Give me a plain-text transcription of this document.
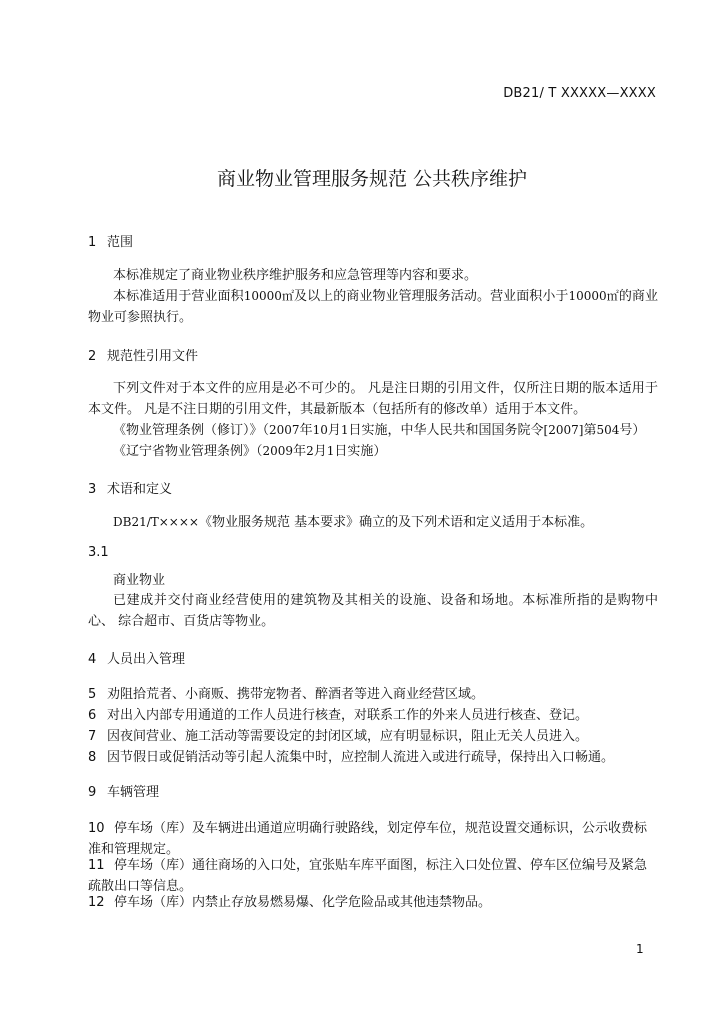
DB21/ T XXXXX—XXXX
商业物业管理服务规范 公共秩序维护
1 范围

本标准规定了商业物业秩序维护服务和应急管理等内容和要求。

本标准适用于营业面积10000㎡及以上的商业物业管理服务活动。营业面积小于10000㎡的商业物业可参照执行。

2 规范性引用文件

下列文件对于本文件的应用是必不可少的。 凡是注日期的引用文件，仅所注日期的版本适用于本文件。 凡是不注日期的引用文件，其最新版本（包括所有的修改单）适用于本文件。

《物业管理条例（修订）》（2007年10月1日实施，中华人民共和国国务院令[2007]第504号）

《辽宁省物业管理条例》（2009年2月1日实施）

3 术语和定义

DB21/T××××《物业服务规范 基本要求》确立的及下列术语和定义适用于本标准。

3.1

商业物业

已建成并交付商业经营使用的建筑物及其相关的设施、设备和场地。本标准所指的是购物中心、 综合超市、百货店等物业。

4 人员出入管理
5 劝阻拾荒者、小商贩、携带宠物者、醉酒者等进入商业经营区域。
6 对出入内部专用通道的工作人员进行核查，对联系工作的外来人员进行核查、登记。
7 因夜间营业、施工活动等需要设定的封闭区域，应有明显标识，阻止无关人员进入。
8 因节假日或促销活动等引起人流集中时，应控制人流进入或进行疏导，保持出入口畅通。
9 车辆管理
10 停车场（库）及车辆进出通道应明确行驶路线，划定停车位，规范设置交通标识，公示收费标准和管理规定。
11 停车场（库）通往商场的入口处，宜张贴车库平面图，标注入口处位置、停车区位编号及紧急疏散出口等信息。
12 停车场（库）内禁止存放易燃易爆、化学危险品或其他违禁物品。
1
